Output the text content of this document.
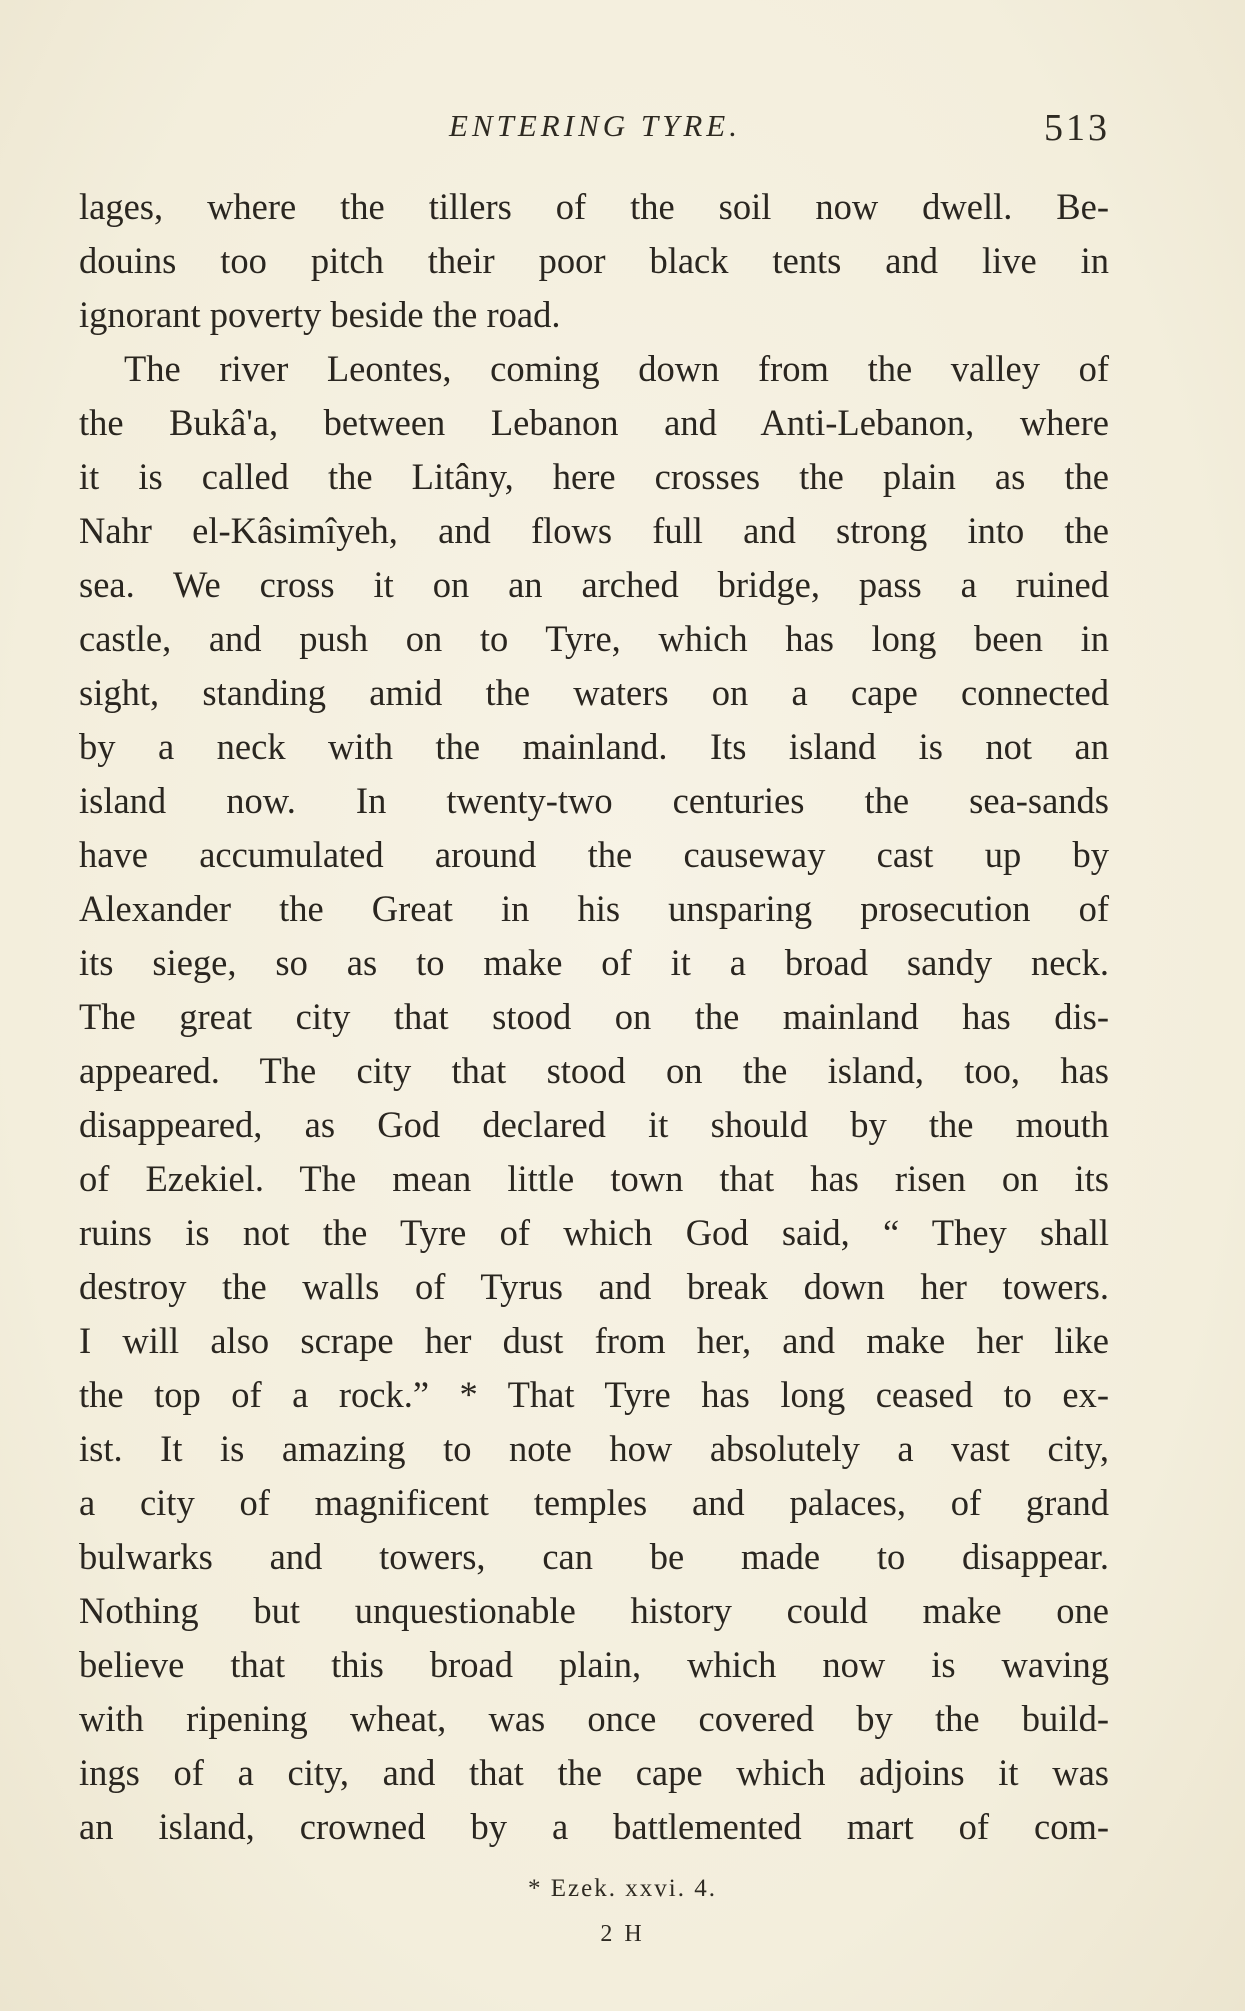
ENTERING TYRE.	513
lages, where the tillers of the soil now dwell. Be-
douins too pitch their poor black tents and live in
ignorant poverty beside the road.
The river Leontes, coming down from the valley of
the Bukâ'a, between Lebanon and Anti-Lebanon, where
it is called the Litâny, here crosses the plain as the
Nahr el-Kâsimîyeh, and flows full and strong into the
sea. We cross it on an arched bridge, pass a ruined
castle, and push on to Tyre, which has long been in
sight, standing amid the waters on a cape connected
by a neck with the mainland. Its island is not an
island now. In twenty-two centuries the sea-sands
have accumulated around the causeway cast up by
Alexander the Great in his unsparing prosecution of
its siege, so as to make of it a broad sandy neck.
The great city that stood on the mainland has dis-
appeared. The city that stood on the island, too, has
disappeared, as God declared it should by the mouth
of Ezekiel. The mean little town that has risen on its
ruins is not the Tyre of which God said, “ They shall
destroy the walls of Tyrus and break down her towers.
I will also scrape her dust from her, and make her like
the top of a rock.” * That Tyre has long ceased to ex-
ist. It is amazing to note how absolutely a vast city,
a city of magnificent temples and palaces, of grand
bulwarks and towers, can be made to disappear.
Nothing but unquestionable history could make one
believe that this broad plain, which now is waving
with ripening wheat, was once covered by the build-
ings of a city, and that the cape which adjoins it was
an island, crowned by a battlemented mart of com-
* Ezek. xxvi. 4.
2 H
